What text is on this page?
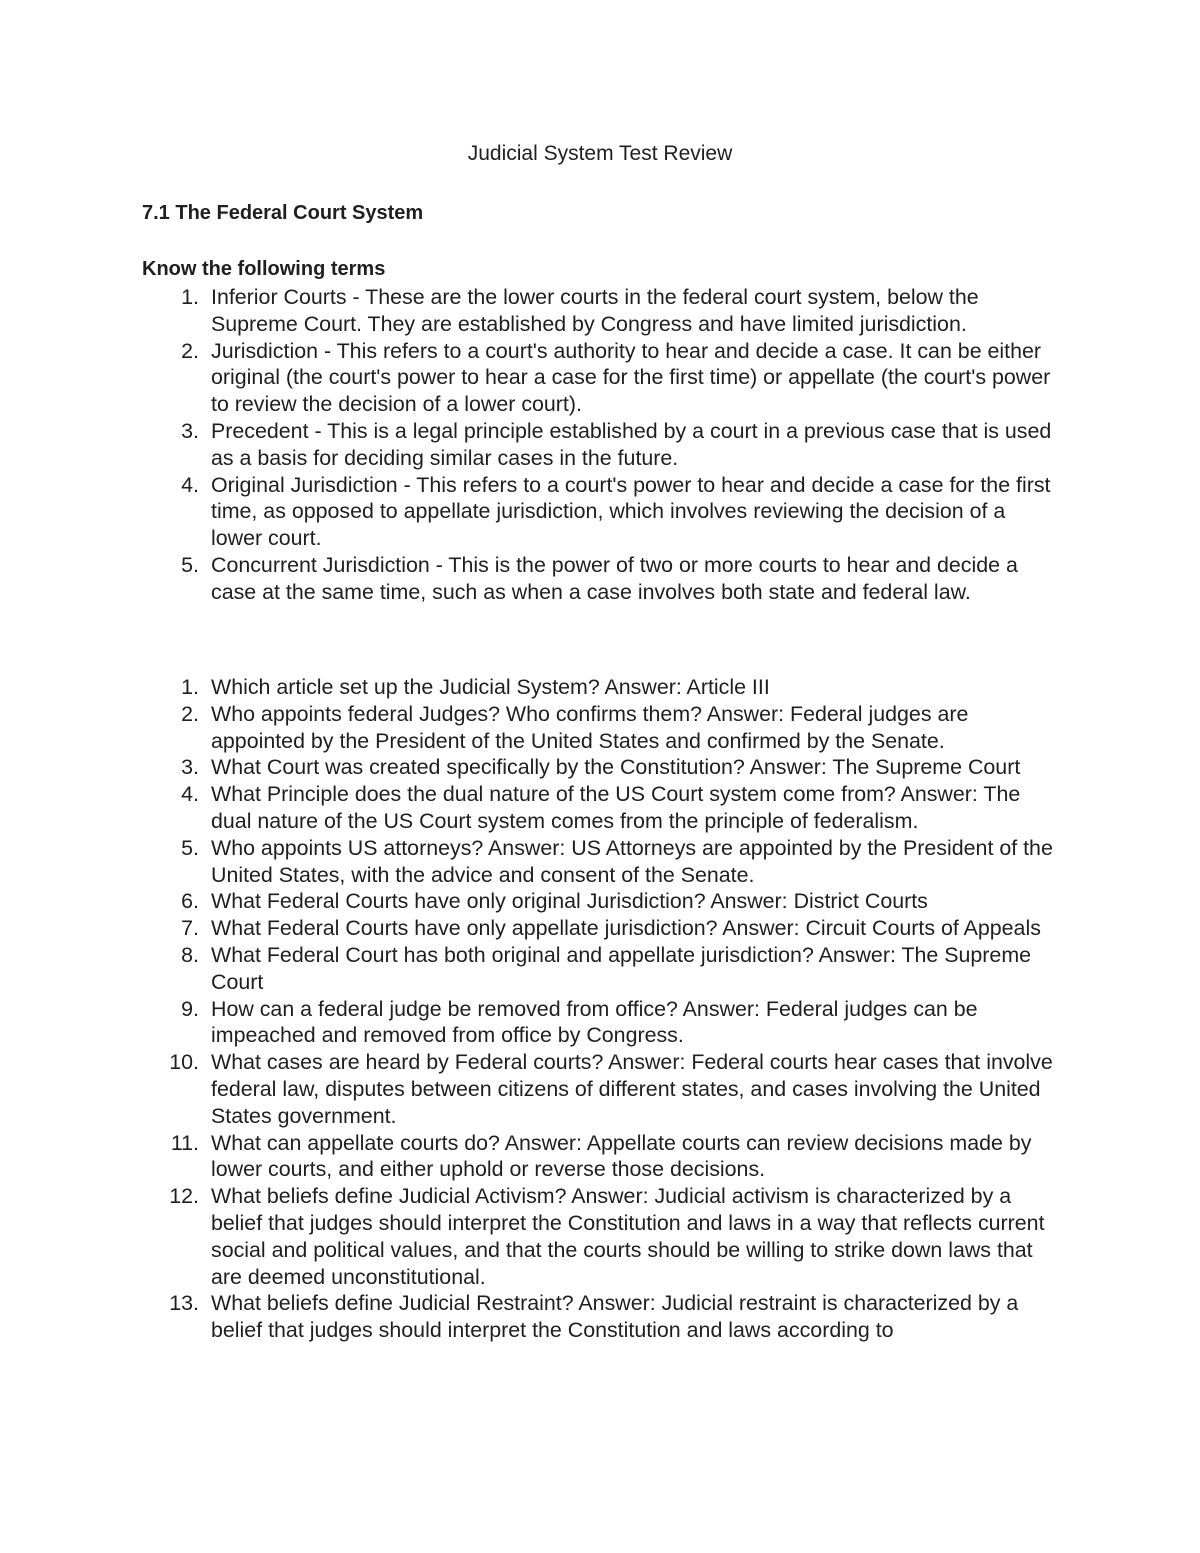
Judicial System Test Review
7.1 The Federal Court System
Know the following terms
1. Inferior Courts - These are the lower courts in the federal court system, below the Supreme Court. They are established by Congress and have limited jurisdiction.
2. Jurisdiction - This refers to a court's authority to hear and decide a case. It can be either original (the court's power to hear a case for the first time) or appellate (the court's power to review the decision of a lower court).
3. Precedent - This is a legal principle established by a court in a previous case that is used as a basis for deciding similar cases in the future.
4. Original Jurisdiction - This refers to a court's power to hear and decide a case for the first time, as opposed to appellate jurisdiction, which involves reviewing the decision of a lower court.
5. Concurrent Jurisdiction - This is the power of two or more courts to hear and decide a case at the same time, such as when a case involves both state and federal law.
1. Which article set up the Judicial System? Answer: Article III
2. Who appoints federal Judges? Who confirms them? Answer: Federal judges are appointed by the President of the United States and confirmed by the Senate.
3. What Court was created specifically by the Constitution? Answer: The Supreme Court
4. What Principle does the dual nature of the US Court system come from? Answer: The dual nature of the US Court system comes from the principle of federalism.
5. Who appoints US attorneys? Answer: US Attorneys are appointed by the President of the United States, with the advice and consent of the Senate.
6. What Federal Courts have only original Jurisdiction? Answer: District Courts
7. What Federal Courts have only appellate jurisdiction? Answer: Circuit Courts of Appeals
8. What Federal Court has both original and appellate jurisdiction? Answer: The Supreme Court
9. How can a federal judge be removed from office? Answer: Federal judges can be impeached and removed from office by Congress.
10. What cases are heard by Federal courts? Answer: Federal courts hear cases that involve federal law, disputes between citizens of different states, and cases involving the United States government.
11. What can appellate courts do? Answer: Appellate courts can review decisions made by lower courts, and either uphold or reverse those decisions.
12. What beliefs define Judicial Activism? Answer: Judicial activism is characterized by a belief that judges should interpret the Constitution and laws in a way that reflects current social and political values, and that the courts should be willing to strike down laws that are deemed unconstitutional.
13. What beliefs define Judicial Restraint? Answer: Judicial restraint is characterized by a belief that judges should interpret the Constitution and laws according to
